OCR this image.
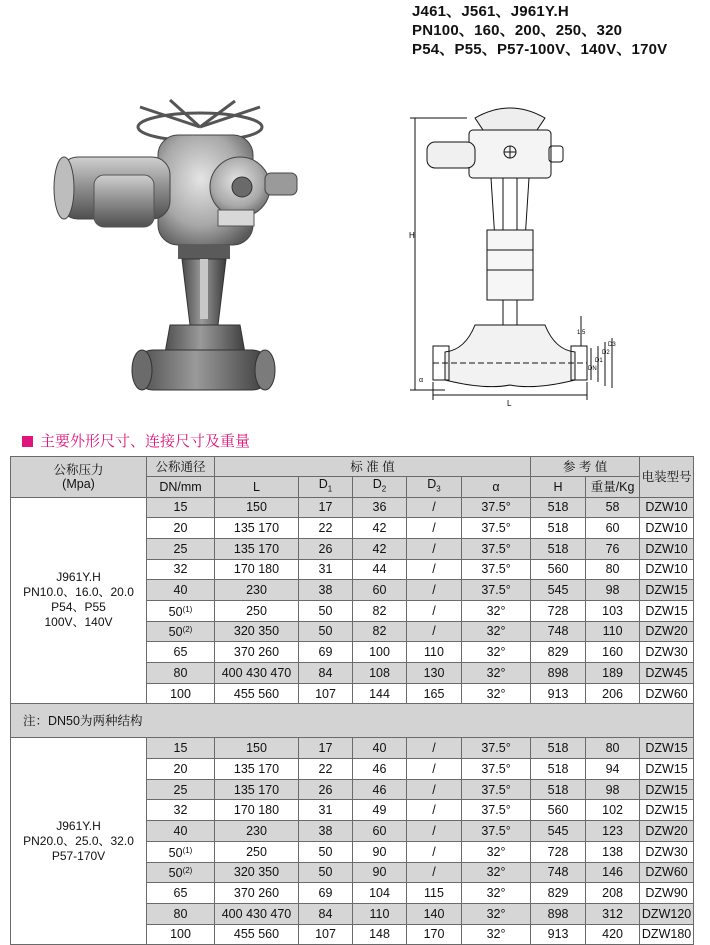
J461、J561、J961Y.H
PN100、160、200、250、320
P54、P55、P57-100V、140V、170V
H
L
α
1.5
DN
D1
D2
D3
主要外形尺寸、连接尺寸及重量
公称压力
(Mpa)	公称通径	标 准 值					参 考 值		电装型号
	DN/mm	L	$D_1$	$D_2$	$D_3$	α	H	重量/Kg	

J961Y.H
PN10.0、16.0、20.0
P54、P55
100V、140V	15	150	17	36	/	37.5°	518	58	DZW10
	20	135 170	22	42	/	37.5°	518	60	DZW10
	25	135 170	26	42	/	37.5°	518	76	DZW10
	32	170 180	31	44	/	37.5°	560	80	DZW10
	40	230	38	60	/	37.5°	545	98	DZW15
	50$^{(1)}$	250	50	82	/	32°	728	103	DZW15
	50$^{(2)}$	320 350	50	82	/	32°	748	110	DZW20
	65	370 260	69	100	110	32°	829	160	DZW30
	80	400 430 470	84	108	130	32°	898	189	DZW45
	100	455 560	107	144	165	32°	913	206	DZW60
注：DN50为两种结构									

J961Y.H
PN20.0、25.0、32.0
P57-170V	15	150	17	40	/	37.5°	518	80	DZW15
	20	135 170	22	46	/	37.5°	518	94	DZW15
	25	135 170	26	46	/	37.5°	518	98	DZW15
	32	170 180	31	49	/	37.5°	560	102	DZW15
	40	230	38	60	/	37.5°	545	123	DZW20
	50$^{(1)}$	250	50	90	/	32°	728	138	DZW30
	50$^{(2)}$	320 350	50	90	/	32°	748	146	DZW60
	65	370 260	69	104	115	32°	829	208	DZW90
	80	400 430 470	84	110	140	32°	898	312	DZW120
	100	455 560	107	148	170	32°	913	420	DZW180
